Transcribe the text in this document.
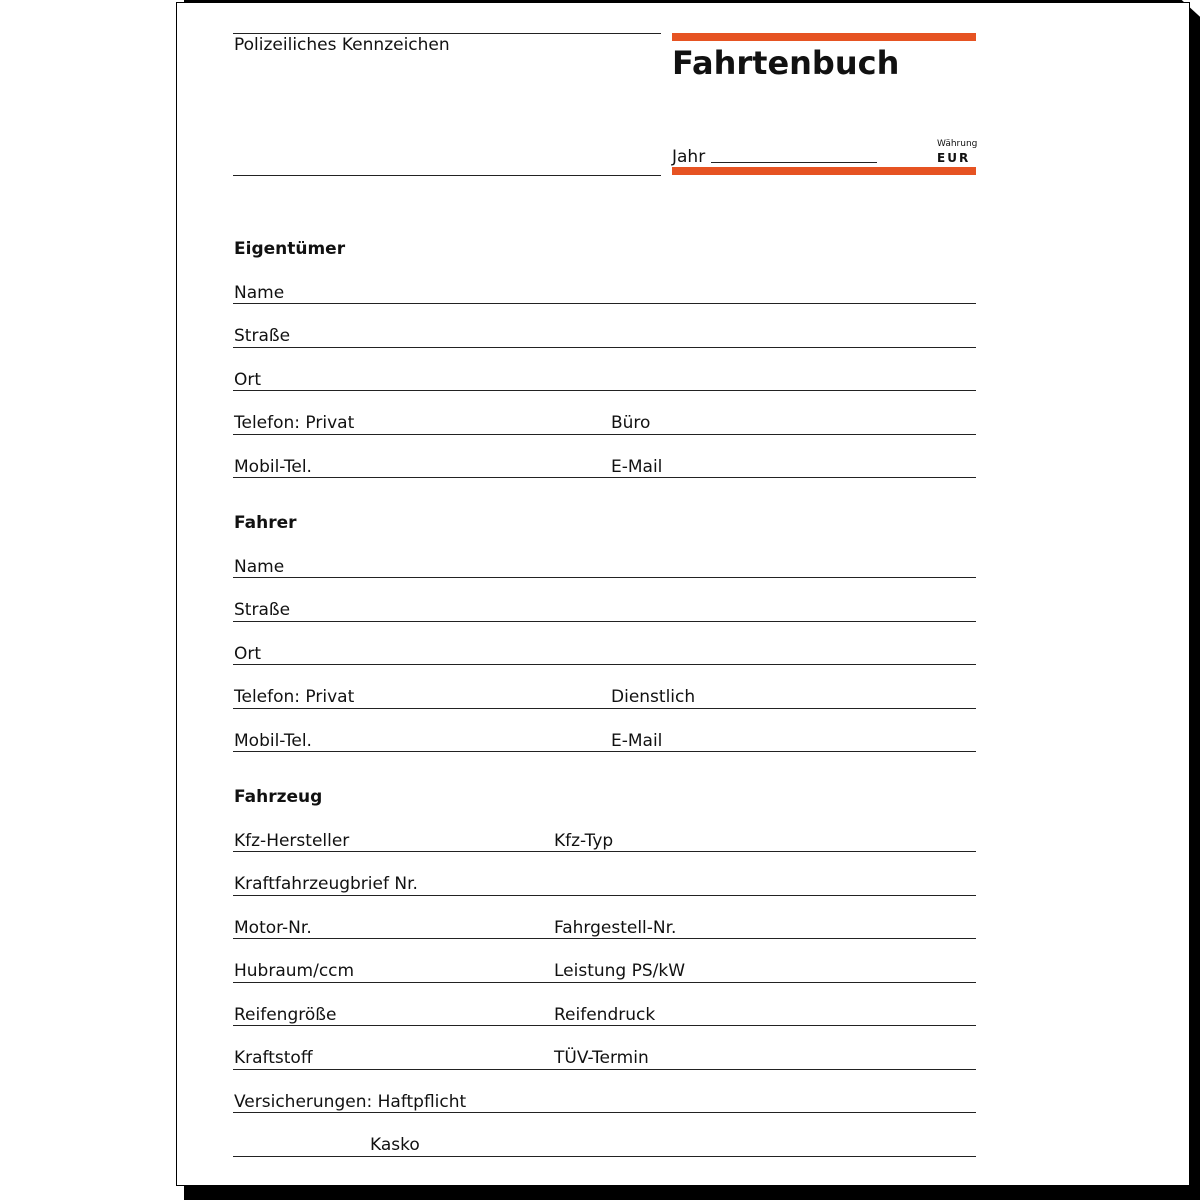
Polizeiliches Kennzeichen	Fahrtenbuch
Jahr
Währung
EUR
Eigentümer
Name
Straße
Ort
Telefon: Privat	Büro
Mobil-Tel.	E-Mail
Fahrer
Name
Straße
Ort
Telefon: Privat	Dienstlich
Mobil-Tel.	E-Mail
Fahrzeug
Kfz-Hersteller	Kfz-Typ
Kraftfahrzeugbrief Nr.
Motor-Nr.	Fahrgestell-Nr.
Hubraum/ccm	Leistung PS/kW
Reifengröße	Reifendruck
Kraftstoff	TÜV-Termin
Versicherungen: Haftpflicht
Kasko
